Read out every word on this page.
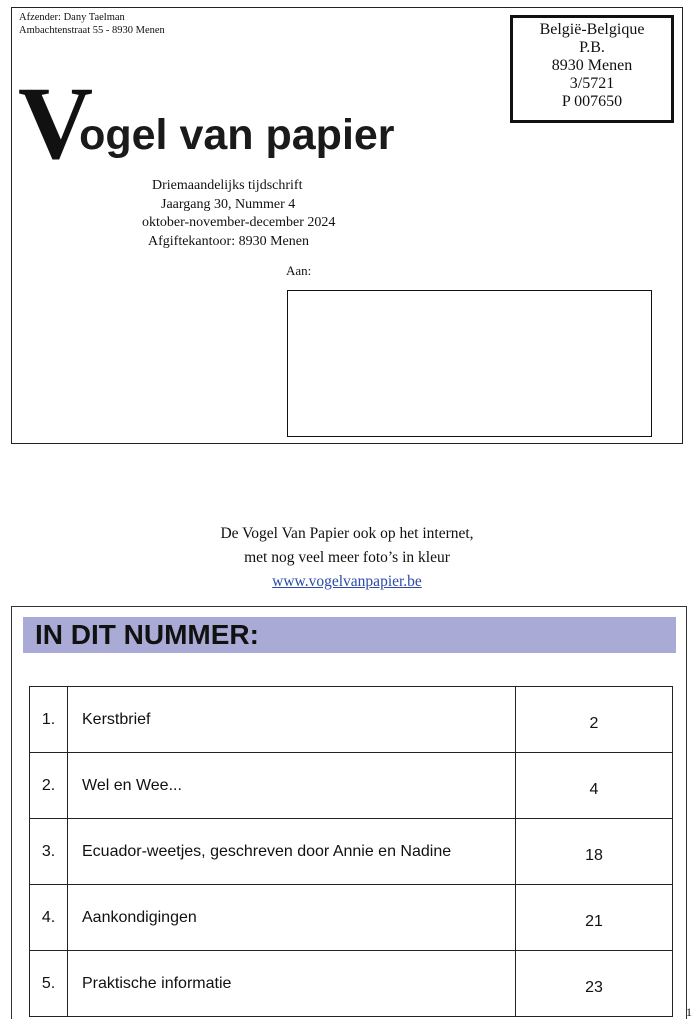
Afzender: Dany Taelman
Ambachtenstraat 55 - 8930 Menen	België-Belgique
P.B.
8930 Menen
3/5721
P 007650
Vogel van papier
Driemaandelijks tijdschrift
Jaargang 30, Nummer 4
oktober-november-december 2024
Afgiftekantoor: 8930 Menen
Aan:
De Vogel Van Papier ook op het internet,
met nog veel meer foto’s in kleur
www.vogelvanpapier.be
IN DIT NUMMER:
1.	Kerstbrief	2
2.	Wel en Wee...	4
3.	Ecuador-weetjes, geschreven door Annie en Nadine	18
4.	Aankondigingen	21
5.	Praktische informatie	23
1
